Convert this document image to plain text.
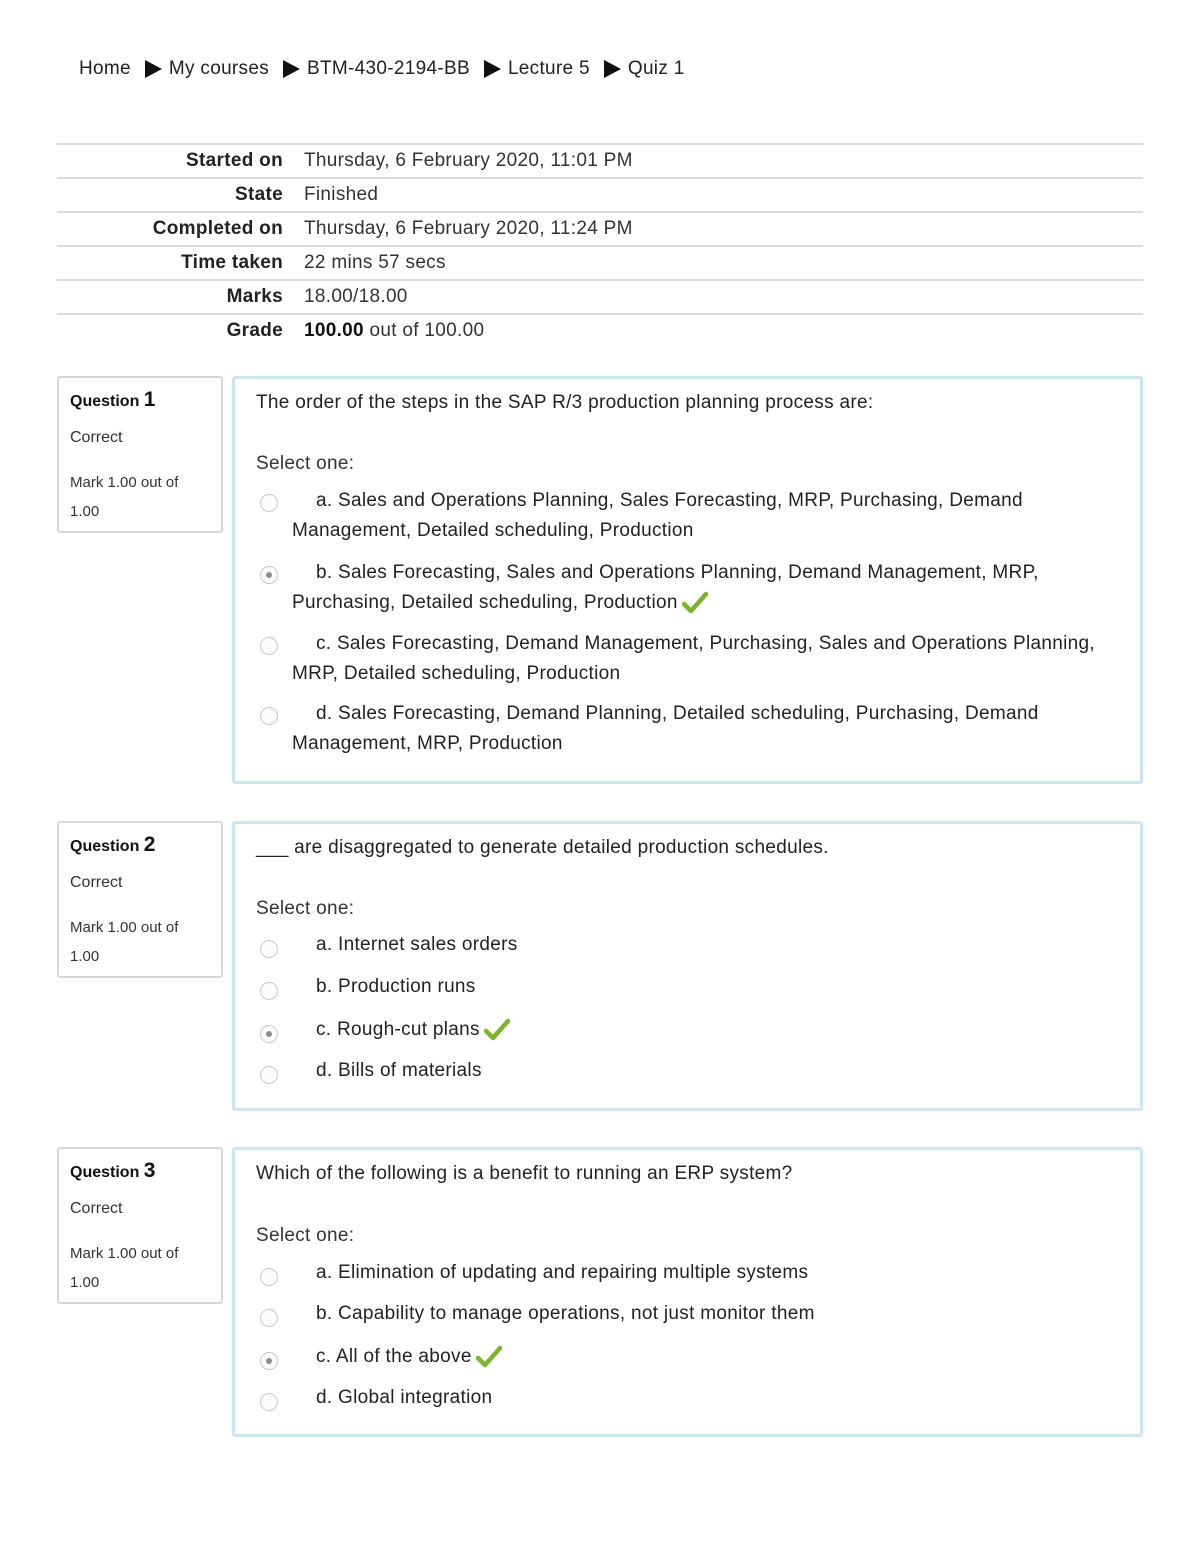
Home My courses BTM-430-2194-BB Lecture 5 Quiz 1
Started on Thursday, 6 February 2020, 11:01 PM
State Finished
Completed on Thursday, 6 February 2020, 11:24 PM
Time taken 22 mins 57 secs
Marks 18.00/18.00
Grade 100.00 out of 100.00
Question 1
Correct
Mark 1.00 out of 1.00
The order of the steps in the SAP R/3 production planning process are:
Select one:
a. Sales and Operations Planning, Sales Forecasting, MRP, Purchasing, Demand Management, Detailed scheduling, Production
b. Sales Forecasting, Sales and Operations Planning, Demand Management, MRP, Purchasing, Detailed scheduling, Production
c. Sales Forecasting, Demand Management, Purchasing, Sales and Operations Planning, MRP, Detailed scheduling, Production
d. Sales Forecasting, Demand Planning, Detailed scheduling, Purchasing, Demand Management, MRP, Production
Question 2
Correct
Mark 1.00 out of 1.00
___ are disaggregated to generate detailed production schedules.
Select one:
a. Internet sales orders
b. Production runs
c. Rough-cut plans
d. Bills of materials
Question 3
Correct
Mark 1.00 out of 1.00
Which of the following is a benefit to running an ERP system?
Select one:
a. Elimination of updating and repairing multiple systems
b. Capability to manage operations, not just monitor them
c. All of the above
d. Global integration
